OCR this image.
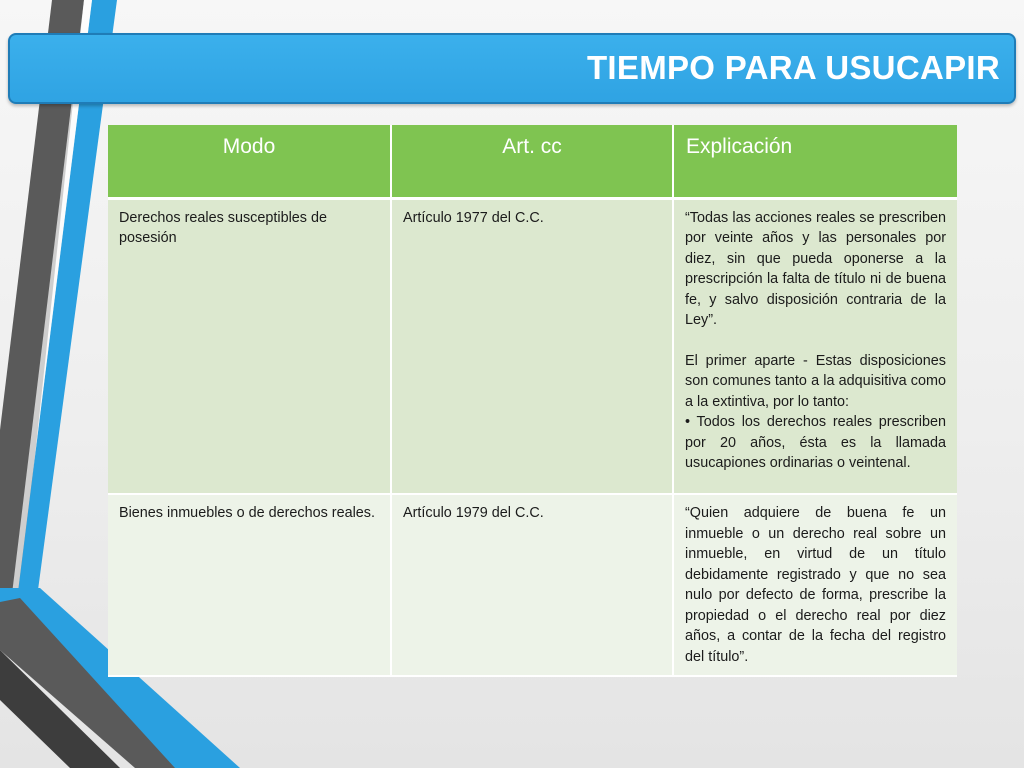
TIEMPO PARA USUCAPIR
Modo	Art. cc	Explicación
Derechos reales susceptibles de posesión	Artículo 1977 del C.C.	“Todas las acciones reales se prescriben por veinte años y las personales por diez, sin que pueda oponerse a la prescripción la falta de título ni de buena fe, y salvo disposición contraria de la Ley”.
El primer aparte - Estas disposiciones son comunes tanto a la adquisitiva como a la extintiva, por lo tanto:
• Todos los derechos reales prescriben por 20 años, ésta es la llamada usucapiones ordinarias o veintenal.

Bienes inmuebles o de derechos reales.	Artículo 1979 del C.C.	“Quien adquiere de buena fe un inmueble o un derecho real sobre un inmueble, en virtud de un título debidamente registrado y que no sea nulo por defecto de forma, prescribe la propiedad o el derecho real por diez años, a contar de la fecha del registro del título”.
